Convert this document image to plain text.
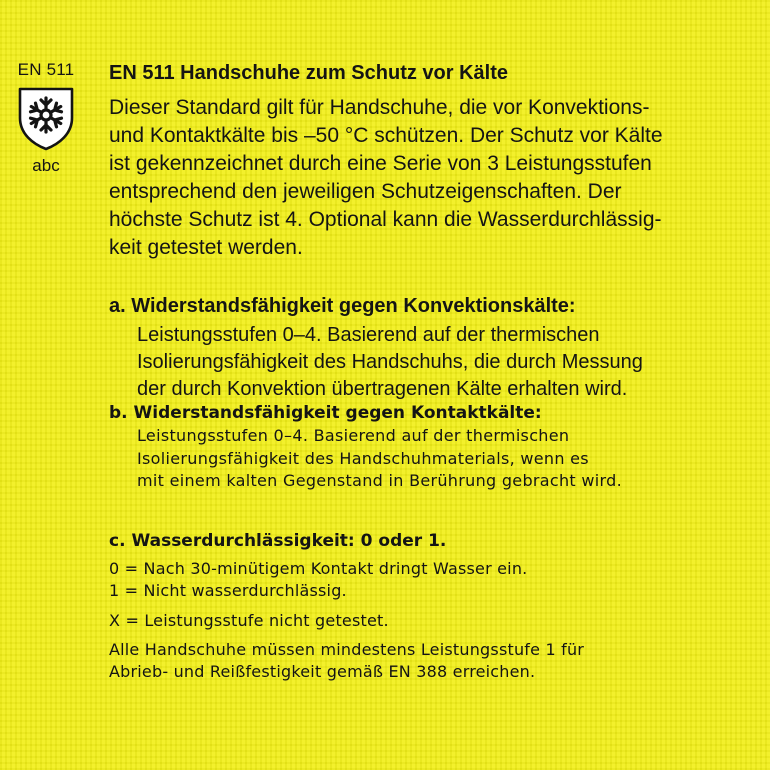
EN 511
abc
EN 511 Handschuhe zum Schutz vor Kälte
Dieser Standard gilt für Handschuhe, die vor Konvektions-
und Kontaktkälte bis –50 °C schützen. Der Schutz vor Kälte
ist gekennzeichnet durch eine Serie von 3 Leistungsstufen
entsprechend den jeweiligen Schutzeigenschaften. Der
höchste Schutz ist 4. Optional kann die Wasserdurchlässig-
keit getestet werden.
a. Widerstandsfähigkeit gegen Konvektionskälte:
Leistungsstufen 0–4. Basierend auf der thermischen
Isolierungsfähigkeit des Handschuhs, die durch Messung
der durch Konvektion übertragenen Kälte erhalten wird.
b. Widerstandsfähigkeit gegen Kontaktkälte:
Leistungsstufen 0–4. Basierend auf der thermischen
Isolierungsfähigkeit des Handschuhmaterials, wenn es
mit einem kalten Gegenstand in Berührung gebracht wird.
c. Wasserdurchlässigkeit: 0 oder 1.
0 = Nach 30-minütigem Kontakt dringt Wasser ein.
1 = Nicht wasserdurchlässig.
X = Leistungsstufe nicht getestet.
Alle Handschuhe müssen mindestens Leistungsstufe 1 für
Abrieb- und Reißfestigkeit gemäß EN 388 erreichen.
